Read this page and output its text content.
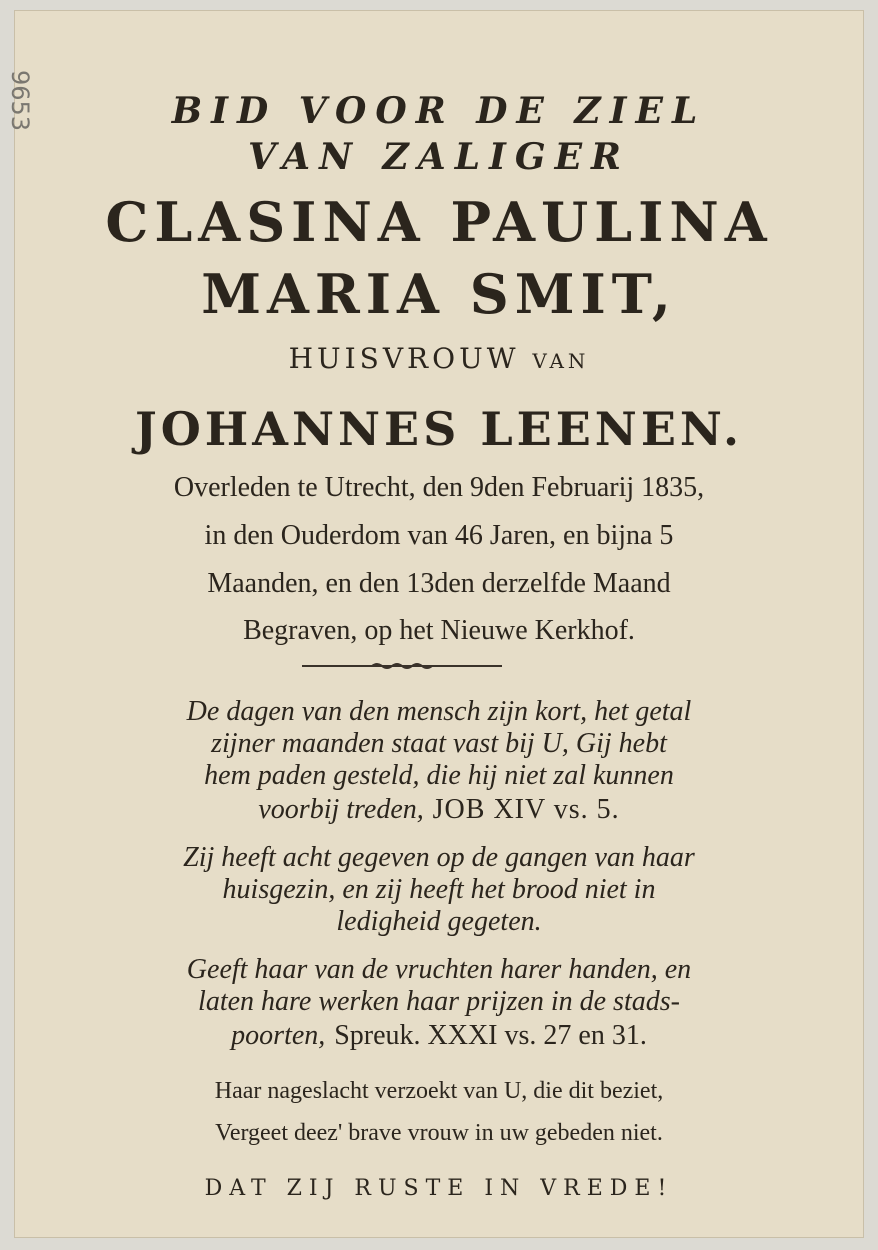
9653	BID VOOR DE ZIEL
VAN ZALIGER
CLASINA PAULINA
MARIA SMIT,
HUISVROUW VAN
JOHANNES LEENEN.
Overleden te Utrecht, den 9den Februarij 1835,
in den Ouderdom van 46 Jaren, en bijna 5
Maanden, en den 13den derzelfde Maand
Begraven, op het Nieuwe Kerkhof.
De dagen van den mensch zijn kort, het getal
zijner maanden staat vast bij U, Gij hebt
hem paden gesteld, die hij niet zal kunnen
voorbij treden, JOB XIV vs. 5.
Zij heeft acht gegeven op de gangen van haar
huisgezin, en zij heeft het brood niet in
ledigheid gegeten.
Geeft haar van de vruchten harer handen, en
laten hare werken haar prijzen in de stads-
poorten, Spreuk. XXXI vs. 27 en 31.
Haar nageslacht verzoekt van U, die dit beziet,
Vergeet deez' brave vrouw in uw gebeden niet.
DAT ZIJ RUSTE IN VREDE!
